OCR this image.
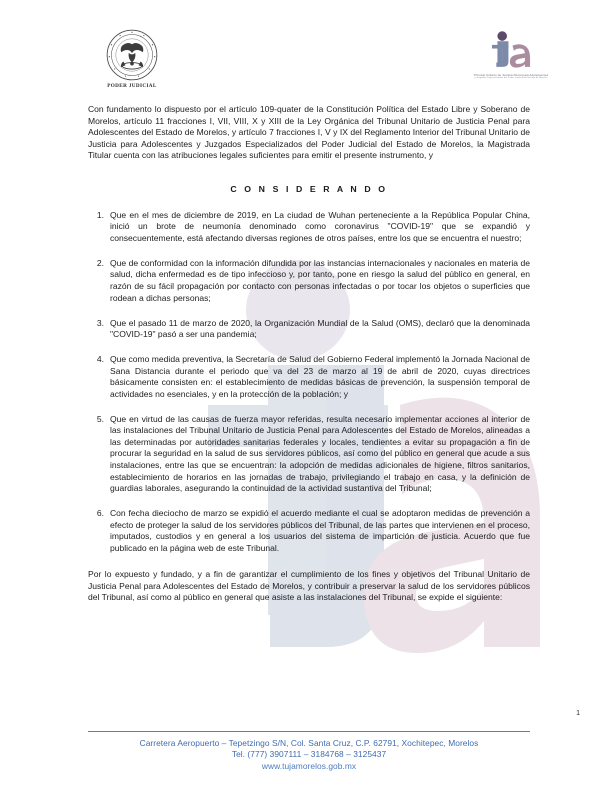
PODER JUDICIAL
Tribunal Unitario de Justicia Penal para Adolescentes
y Juzgados Especializados del Poder Judicial del Estado de Morelos

Con fundamento lo dispuesto por el artículo 109-quater de la Constitución Política del Estado Libre y Soberano de Morelos, artículo 11 fracciones I, VII, VIII, X y XIII de la Ley Orgánica del Tribunal Unitario de Justicia Penal para Adolescentes del Estado de Morelos, y artículo 7 fracciones I, V y IX del Reglamento Interior del Tribunal Unitario de Justicia para Adolescentes y Juzgados Especializados del Poder Judicial del Estado de Morelos, la Magistrada Titular cuenta con las atribuciones legales suficientes para emitir el presente instrumento, y

C O N S I D E R A N D O
1. Que en el mes de diciembre de 2019, en La ciudad de Wuhan perteneciente a la República Popular China, inició un brote de neumonía denominado como coronavirus "COVID-19" que se expandió y consecuentemente, está afectando diversas regiones de otros países, entre los que se encuentra el nuestro;
2. Que de conformidad con la información difundida por las instancias internacionales y nacionales en materia de salud, dicha enfermedad es de tipo infeccioso y, por tanto, pone en riesgo la salud del público en general, en razón de su fácil propagación por contacto con personas infectadas o por tocar los objetos o superficies que rodean a dichas personas;
3. Que el pasado 11 de marzo de 2020, la Organización Mundial de la Salud (OMS), declaró que la denominada "COVID-19" pasó a ser una pandemia;
4. Que como medida preventiva, la Secretaría de Salud del Gobierno Federal implementó la Jornada Nacional de Sana Distancia durante el periodo que va del 23 de marzo al 19 de abril de 2020, cuyas directrices básicamente consisten en: el establecimiento de medidas básicas de prevención, la suspensión temporal de actividades no esenciales, y en la protección de la población; y
5. Que en virtud de las causas de fuerza mayor referidas, resulta necesario implementar acciones al interior de las instalaciones del Tribunal Unitario de Justicia Penal para Adolescentes del Estado de Morelos, alineadas a las determinadas por autoridades sanitarias federales y locales, tendientes a evitar su propagación a fin de procurar la seguridad en la salud de sus servidores públicos, así como del público en general que acude a sus instalaciones, entre las que se encuentran: la adopción de medidas adicionales de higiene, filtros sanitarios, establecimiento de horarios en las jornadas de trabajo, privilegiando el trabajo en casa, y la definición de guardias laborales, asegurando la continuidad de la actividad sustantiva del Tribunal;
6. Con fecha dieciocho de marzo se expidió el acuerdo mediante el cual se adoptaron medidas de prevención a efecto de proteger la salud de los servidores públicos del Tribunal, de las partes que intervienen en el proceso, imputados, custodios y en general a los usuarios del sistema de impartición de justicia. Acuerdo que fue publicado en la página web de este Tribunal.

Por lo expuesto y fundado, y a fin de garantizar el cumplimiento de los fines y objetivos del Tribunal Unitario de Justicia Penal para Adolescentes del Estado de Morelos, y contribuir a preservar la salud de los servidores públicos del Tribunal, así como al público en general que asiste a las instalaciones del Tribunal, se expide el siguiente:

1
Carretera Aeropuerto – Tepetzingo S/N, Col. Santa Cruz, C.P. 62791, Xochitepec, Morelos
Tel. (777) 3907111 – 3184768 – 3125437
www.tujamorelos.gob.mx
